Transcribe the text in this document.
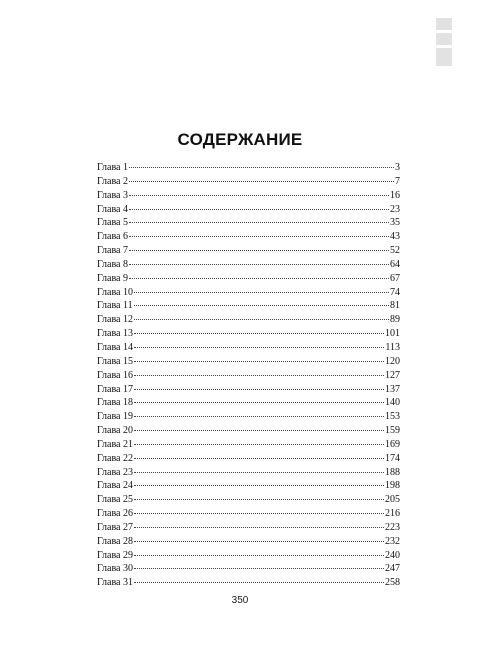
СОДЕРЖАНИЕ
Глава 1	3
Глава 2	7
Глава 3	16
Глава 4	23
Глава 5	35
Глава 6	43
Глава 7	52
Глава 8	64
Глава 9	67
Глава 10	74
Глава 11	81
Глава 12	89
Глава 13	101
Глава 14	113
Глава 15	120
Глава 16	127
Глава 17	137
Глава 18	140
Глава 19	153
Глава 20	159
Глава 21	169
Глава 22	174
Глава 23	188
Глава 24	198
Глава 25	205
Глава 26	216
Глава 27	223
Глава 28	232
Глава 29	240
Глава 30	247
Глава 31	258
350
